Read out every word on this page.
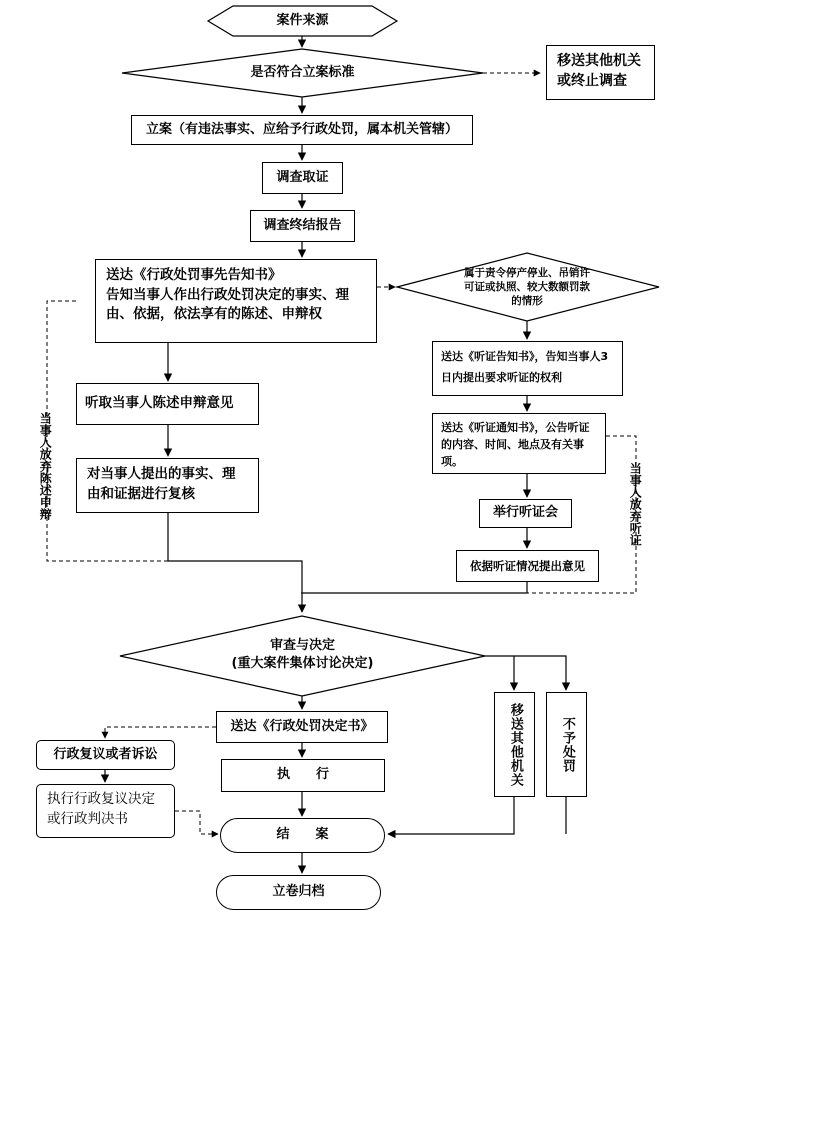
案件来源
是否符合立案标准
移送其他机关或终止调查
立案（有违法事实、应给予行政处罚，属本机关管辖）
调查取证
调查终结报告
送达《行政处罚事先告知书》
告知当事人作出行政处罚决定的事实、理由、依据，依法享有的陈述、申辩权
属于责令停产停业、吊销许可证或执照、较大数额罚款的情形
送达《听证告知书》，告知当事人3日内提出要求听证的权利
送达《听证通知书》，公告听证的内容、时间、地点及有关事项。
举行听证会
依据听证情况提出意见
听取当事人陈述申辩意见
对当事人提出的事实、理由和证据进行复核
当事人放弃陈述申辩	当事人放弃听证
审查与决定
(重大案件集体讨论决定)
送达《行政处罚决定书》
行政复议或者诉讼
执行行政复议决定或行政判决书
执　　行
结　　案
立卷归档
移送其他机关	不予处罚
